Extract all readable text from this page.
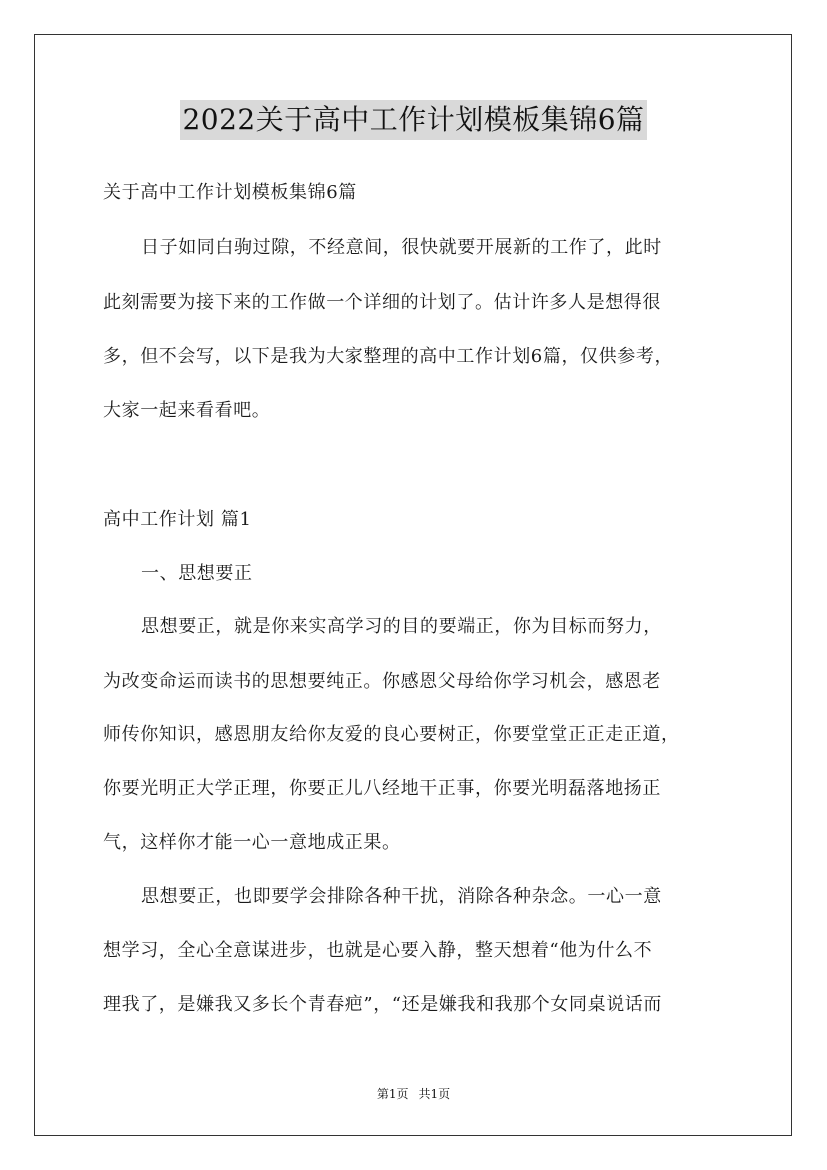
2022关于高中工作计划模板集锦6篇
关于高中工作计划模板集锦6篇
日子如同白驹过隙，不经意间，很快就要开展新的工作了，此时
此刻需要为接下来的工作做一个详细的计划了。估计许多人是想得很
多，但不会写，以下是我为大家整理的高中工作计划6篇，仅供参考，
大家一起来看看吧。
高中工作计划 篇1
一、思想要正
思想要正，就是你来实高学习的目的要端正，你为目标而努力，
为改变命运而读书的思想要纯正。你感恩父母给你学习机会，感恩老
师传你知识，感恩朋友给你友爱的良心要树正，你要堂堂正正走正道，
你要光明正大学正理，你要正儿八经地干正事，你要光明磊落地扬正
气，这样你才能一心一意地成正果。
思想要正，也即要学会排除各种干扰，消除各种杂念。一心一意
想学习，全心全意谋进步，也就是心要入静，整天想着“他为什么不
理我了，是嫌我又多长个青春疤”，“还是嫌我和我那个女同桌说话而
第1页 共1页
